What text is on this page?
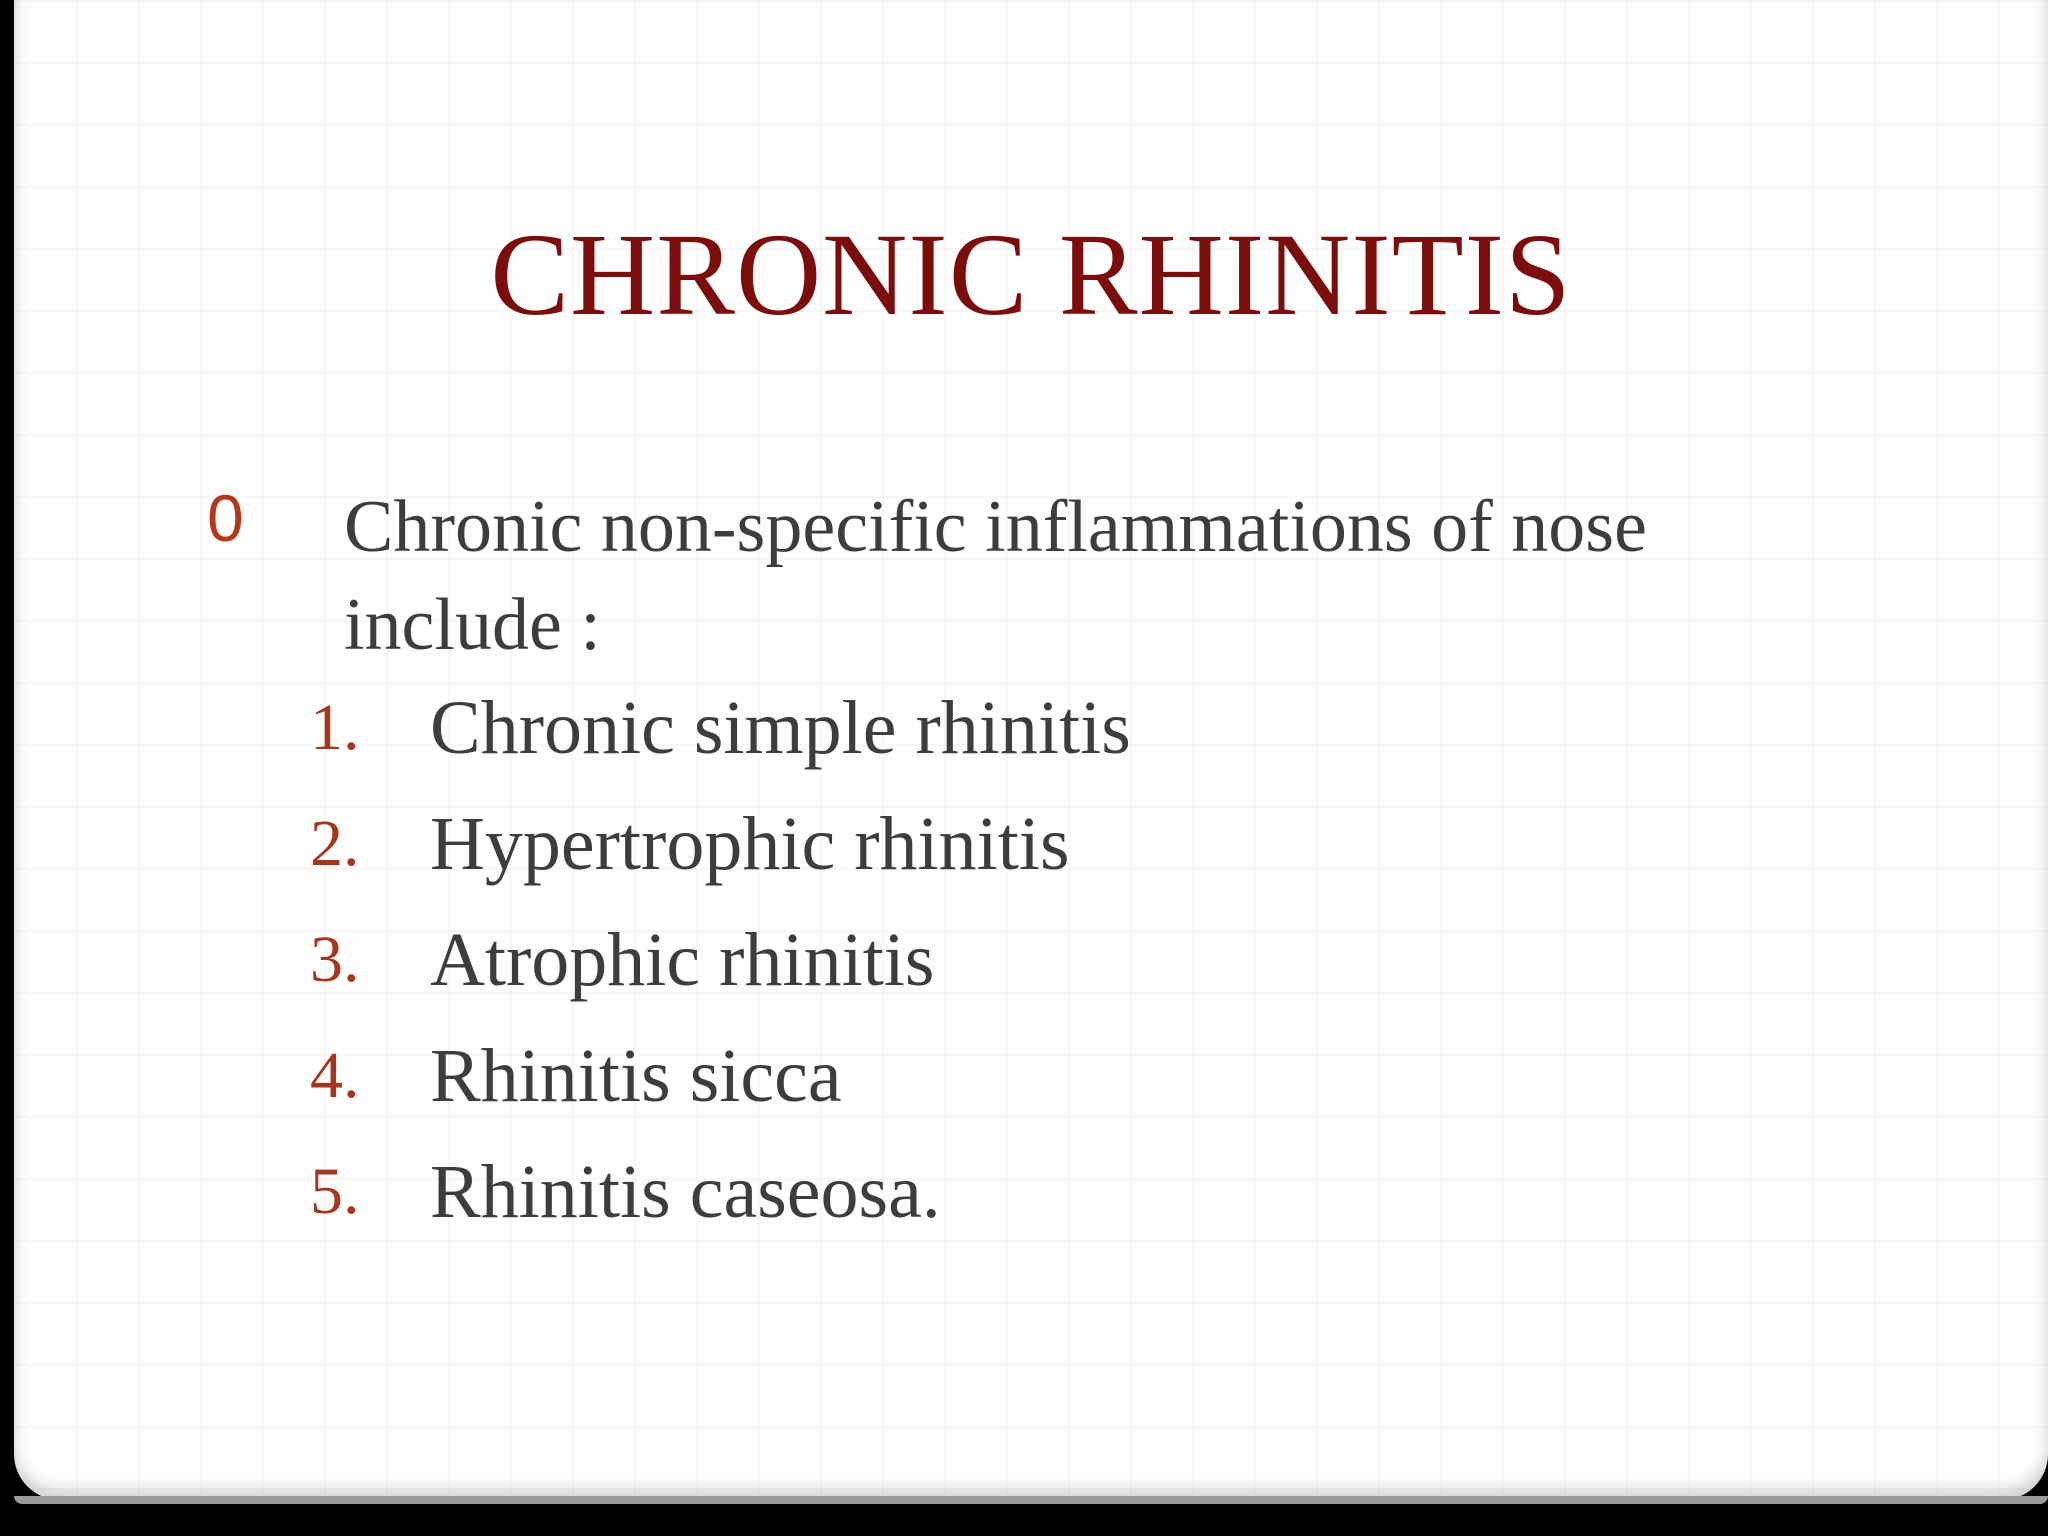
CHRONIC RHINITIS
0 Chronic non-specific inflammations of nose include :
1. Chronic simple rhinitis
2. Hypertrophic rhinitis
3. Atrophic rhinitis
4. Rhinitis sicca
5. Rhinitis caseosa.
